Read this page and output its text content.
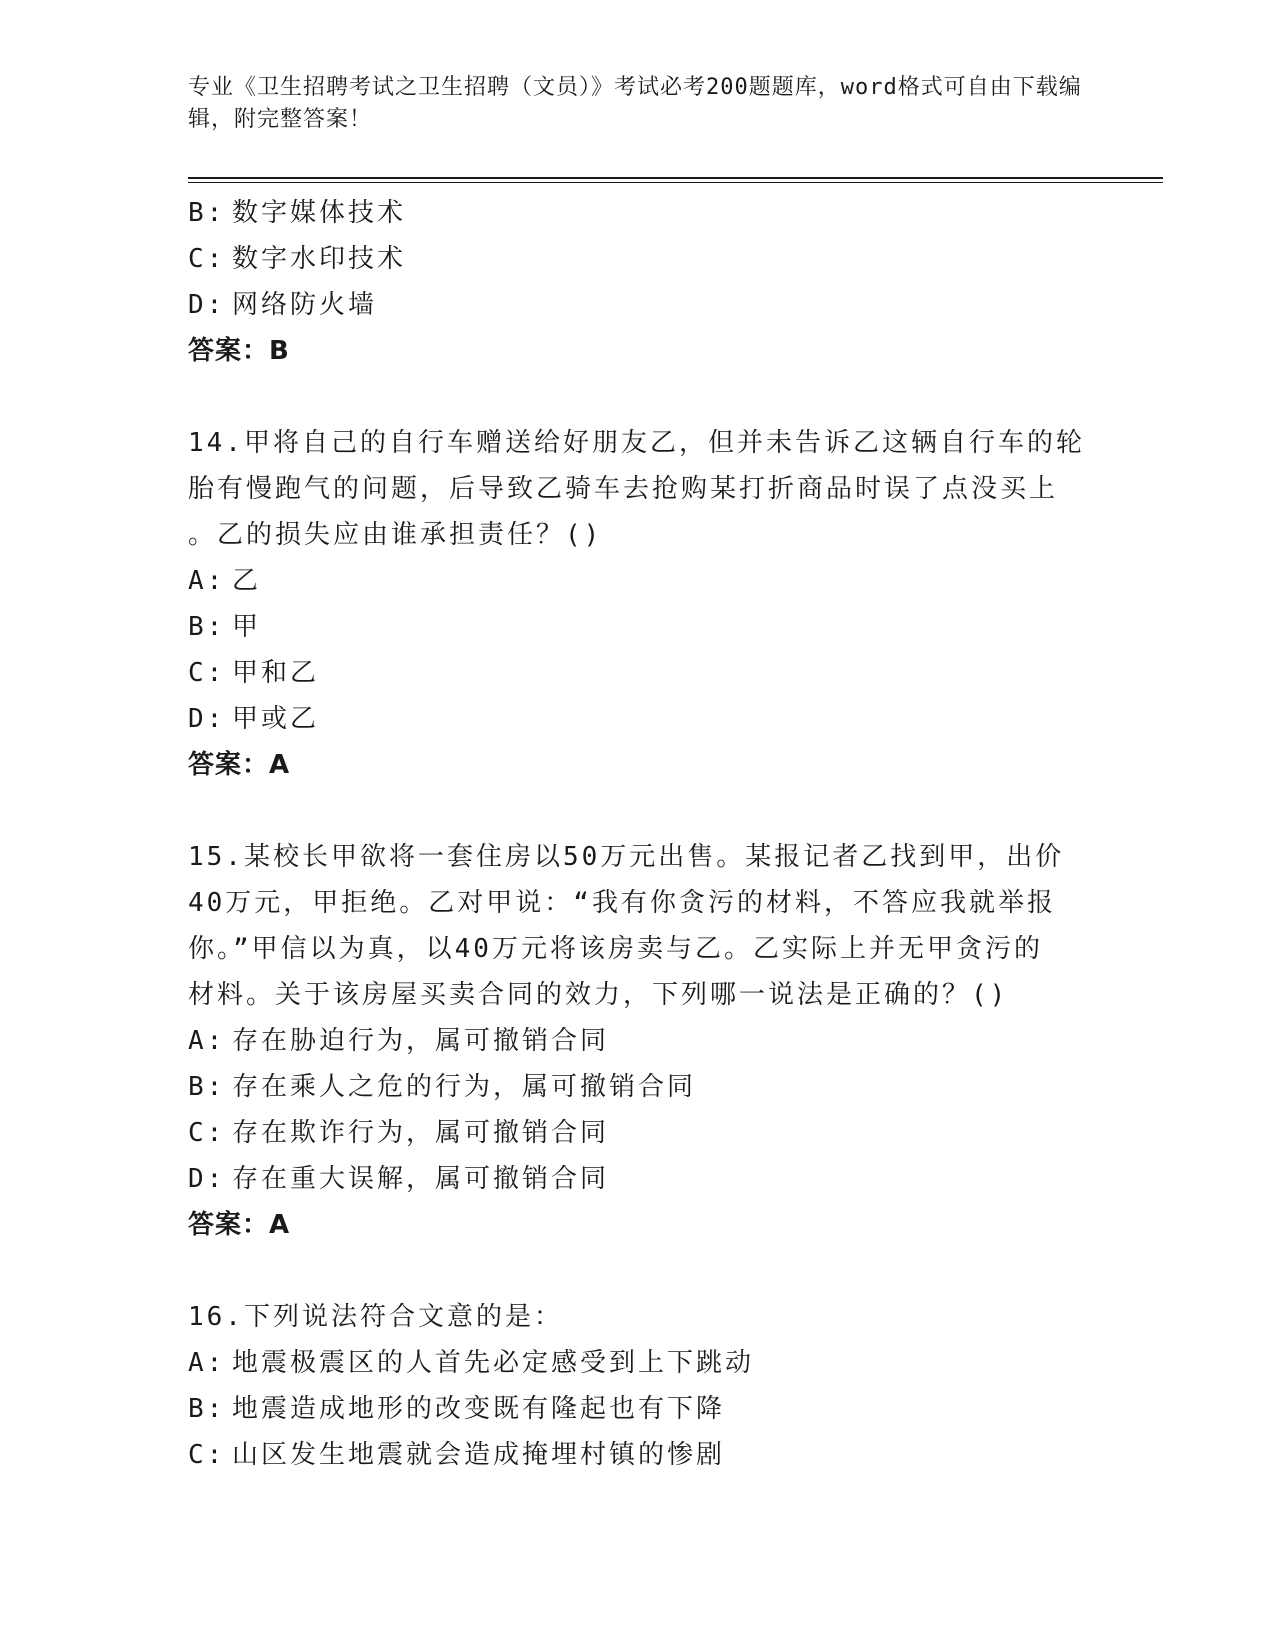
专业《卫生招聘考试之卫生招聘（文员）》考试必考200题题库，word格式可自由下载编辑，附完整答案！
B: 数字媒体技术
C: 数字水印技术
D: 网络防火墙
答案：B
14.甲将自己的自行车赠送给好朋友乙，但并未告诉乙这辆自行车的轮
胎有慢跑气的问题，后导致乙骑车去抢购某打折商品时误了点没买上
。乙的损失应由谁承担责任？()
A: 乙
B: 甲
C: 甲和乙
D: 甲或乙
答案：A
15.某校长甲欲将一套住房以50万元出售。某报记者乙找到甲，出价
40万元，甲拒绝。乙对甲说：“我有你贪污的材料，不答应我就举报
你。”甲信以为真，以40万元将该房卖与乙。乙实际上并无甲贪污的
材料。关于该房屋买卖合同的效力，下列哪一说法是正确的？()
A: 存在胁迫行为，属可撤销合同
B: 存在乘人之危的行为，属可撤销合同
C: 存在欺诈行为，属可撤销合同
D: 存在重大误解，属可撤销合同
答案：A
16.下列说法符合文意的是：
A: 地震极震区的人首先必定感受到上下跳动
B: 地震造成地形的改变既有隆起也有下降
C: 山区发生地震就会造成掩埋村镇的惨剧
